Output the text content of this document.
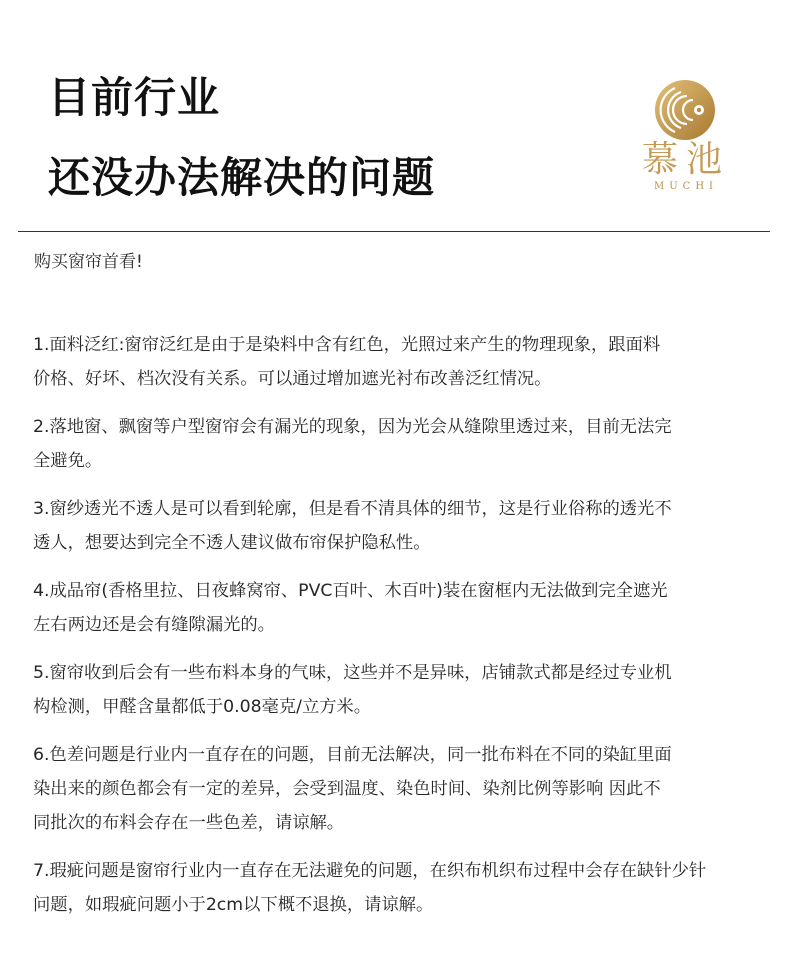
目前行业
还没办法解决的问题	慕池
MUCHI
购买窗帘首看!
1.面料泛红:窗帘泛红是由于是染料中含有红色，光照过来产生的物理现象，跟面料
价格、好坏、档次没有关系。可以通过增加遮光衬布改善泛红情况。
2.落地窗、飘窗等户型窗帘会有漏光的现象，因为光会从缝隙里透过来，目前无法完
全避免。
3.窗纱透光不透人是可以看到轮廓，但是看不清具体的细节，这是行业俗称的透光不
透人，想要达到完全不透人建议做布帘保护隐私性。
4.成品帘(香格里拉、日夜蜂窝帘、PVC百叶、木百叶)装在窗框内无法做到完全遮光
左右两边还是会有缝隙漏光的。
5.窗帘收到后会有一些布料本身的气味，这些并不是异味，店铺款式都是经过专业机
构检测，甲醛含量都低于0.08毫克/立方米。
6.色差问题是行业内一直存在的问题，目前无法解决，同一批布料在不同的染缸里面
染出来的颜色都会有一定的差异，会受到温度、染色时间、染剂比例等影响 因此不
同批次的布料会存在一些色差，请谅解。
7.瑕疵问题是窗帘行业内一直存在无法避免的问题，在织布机织布过程中会存在缺针少针
问题，如瑕疵问题小于2cm以下概不退换，请谅解。
